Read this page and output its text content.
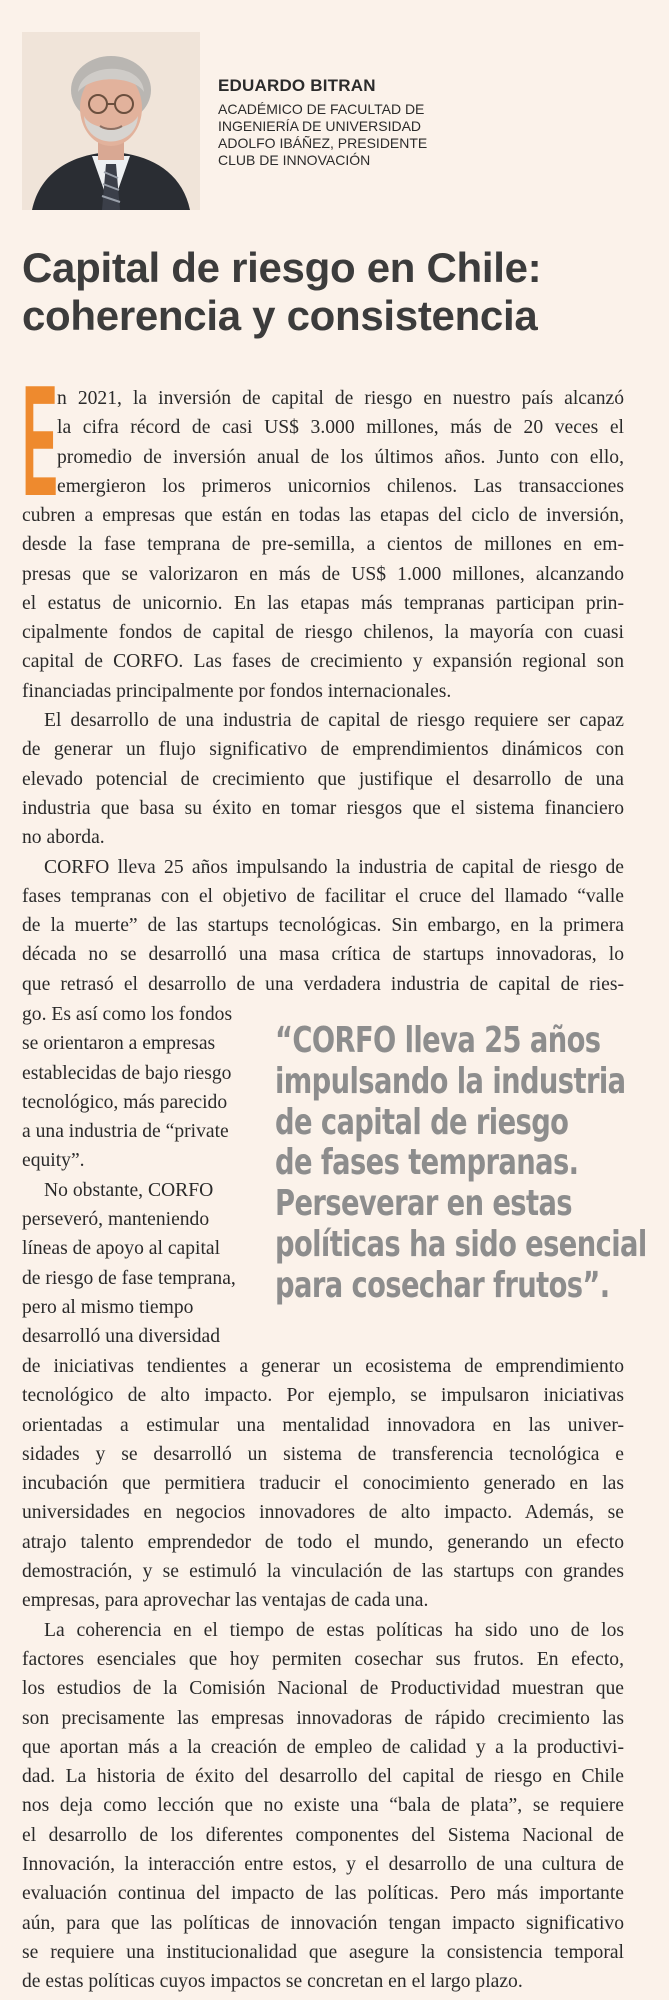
EDUARDO BITRAN
ACADÉMICO DE FACULTAD DE
INGENIERÍA DE UNIVERSIDAD
ADOLFO IBÁÑEZ, PRESIDENTE
CLUB DE INNOVACIÓN
Capital de riesgo en Chile:
coherencia y consistencia
E n 2021, la inversión de capital de riesgo en nuestro país alcanzó
la cifra récord de casi US$ 3.000 millones, más de 20 veces el
promedio de inversión anual de los últimos años. Junto con ello,
emergieron los primeros unicornios chilenos. Las transacciones
cubren a empresas que están en todas las etapas del ciclo de inversión,
desde la fase temprana de pre-semilla, a cientos de millones en em-
presas que se valorizaron en más de US$ 1.000 millones, alcanzando
el estatus de unicornio. En las etapas más tempranas participan prin-
cipalmente fondos de capital de riesgo chilenos, la mayoría con cuasi
capital de CORFO. Las fases de crecimiento y expansión regional son
financiadas principalmente por fondos internacionales.
El desarrollo de una industria de capital de riesgo requiere ser capaz
de generar un flujo significativo de emprendimientos dinámicos con
elevado potencial de crecimiento que justifique el desarrollo de una
industria que basa su éxito en tomar riesgos que el sistema financiero
no aborda.
CORFO lleva 25 años impulsando la industria de capital de riesgo de
fases tempranas con el objetivo de facilitar el cruce del llamado “valle
de la muerte” de las startups tecnológicas. Sin embargo, en la primera
década no se desarrolló una masa crítica de startups innovadoras, lo
que retrasó el desarrollo de una verdadera industria de capital de ries-
go. Es así como los fondos
se orientaron a empresas
establecidas de bajo riesgo
tecnológico, más parecido
a una industria de “private
equity”.
No obstante, CORFO
perseveró, manteniendo
líneas de apoyo al capital
de riesgo de fase temprana,
pero al mismo tiempo
desarrolló una diversidad
“CORFO lleva 25 años
impulsando la industria
de capital de riesgo
de fases tempranas.
Perseverar en estas
políticas ha sido esencial
para cosechar frutos”.
de iniciativas tendientes a generar un ecosistema de emprendimiento
tecnológico de alto impacto. Por ejemplo, se impulsaron iniciativas
orientadas a estimular una mentalidad innovadora en las univer-
sidades y se desarrolló un sistema de transferencia tecnológica e
incubación que permitiera traducir el conocimiento generado en las
universidades en negocios innovadores de alto impacto. Además, se
atrajo talento emprendedor de todo el mundo, generando un efecto
demostración, y se estimuló la vinculación de las startups con grandes
empresas, para aprovechar las ventajas de cada una.
La coherencia en el tiempo de estas políticas ha sido uno de los
factores esenciales que hoy permiten cosechar sus frutos. En efecto,
los estudios de la Comisión Nacional de Productividad muestran que
son precisamente las empresas innovadoras de rápido crecimiento las
que aportan más a la creación de empleo de calidad y a la productivi-
dad. La historia de éxito del desarrollo del capital de riesgo en Chile
nos deja como lección que no existe una “bala de plata”, se requiere
el desarrollo de los diferentes componentes del Sistema Nacional de
Innovación, la interacción entre estos, y el desarrollo de una cultura de
evaluación continua del impacto de las políticas. Pero más importante
aún, para que las políticas de innovación tengan impacto significativo
se requiere una institucionalidad que asegure la consistencia temporal
de estas políticas cuyos impactos se concretan en el largo plazo.
